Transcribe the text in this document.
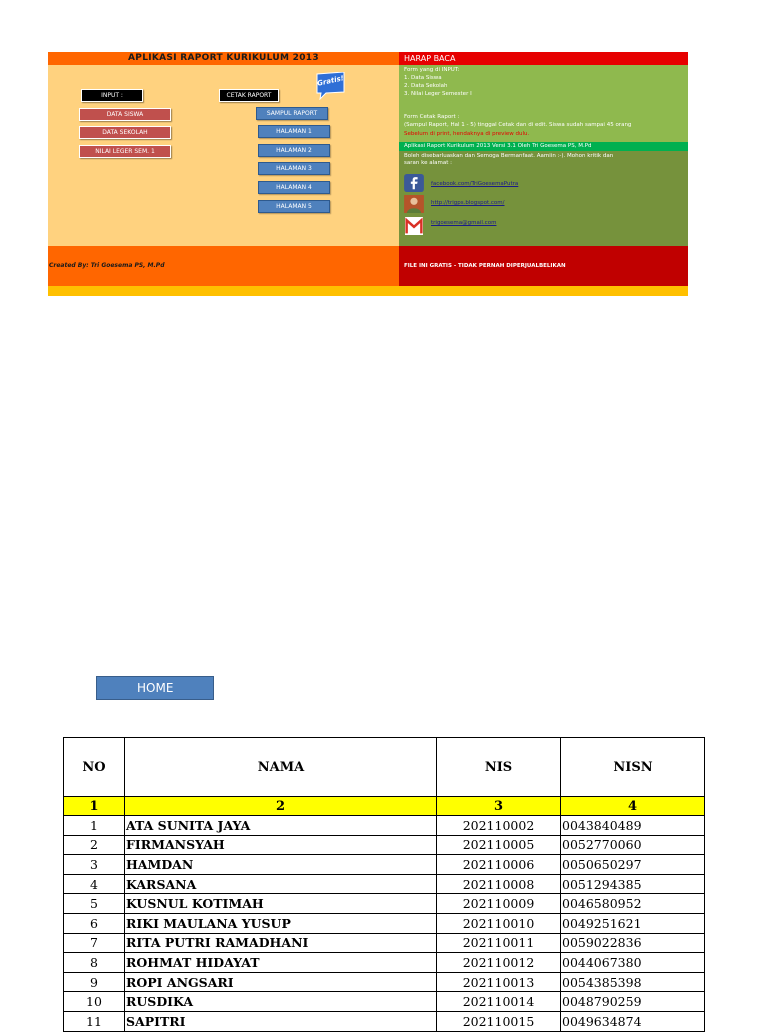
APLIKASI RAPORT KURIKULUM 2013
INPUT :	CETAK RAPORT
DATA SISWA
DATA SEKOLAH
NILAI LEGER SEM. 1
SAMPUL RAPORT
HALAMAN 1
HALAMAN 2
HALAMAN 3
HALAMAN 4
HALAMAN 5
Gratis!
Created By: Tri Goesema PS, M.Pd
HARAP BACA
Form yang di INPUT:
1. Data Siswa
2. Data Sekolah
3. Nilai Leger Semester I
Form Cetak Raport :
(Sampul Raport, Hal 1 - 5) tinggal Cetak dan di edit. Siswa sudah sampai 45 orang
Sebelum di print, hendaknya di preview dulu.
Boleh disebarluaskan dan Semoga Bermanfaat. Aamiin :-). Mohon kritik dan
saran ke alamat :
facebook.com/TriGoesemaPutra
http://trigps.blogspot.com/
trigoesema@gmail.com
Aplikasi Raport Kurikulum 2013 Versi 3.1 Oleh Tri Goesema PS, M.Pd
FILE INI GRATIS - TIDAK PERNAH DIPERJUALBELIKAN
HOME
NO	NAMA	NIS	NISN
1	2	3	4
1	ATA SUNITA JAYA	202110002	0043840489
2	FIRMANSYAH	202110005	0052770060
3	HAMDAN	202110006	0050650297
4	KARSANA	202110008	0051294385
5	KUSNUL KOTIMAH	202110009	0046580952
6	RIKI MAULANA YUSUP	202110010	0049251621
7	RITA PUTRI RAMADHANI	202110011	0059022836
8	ROHMAT HIDAYAT	202110012	0044067380
9	ROPI ANGSARI	202110013	0054385398
10	RUSDIKA	202110014	0048790259
11	SAPITRI	202110015	0049634874
